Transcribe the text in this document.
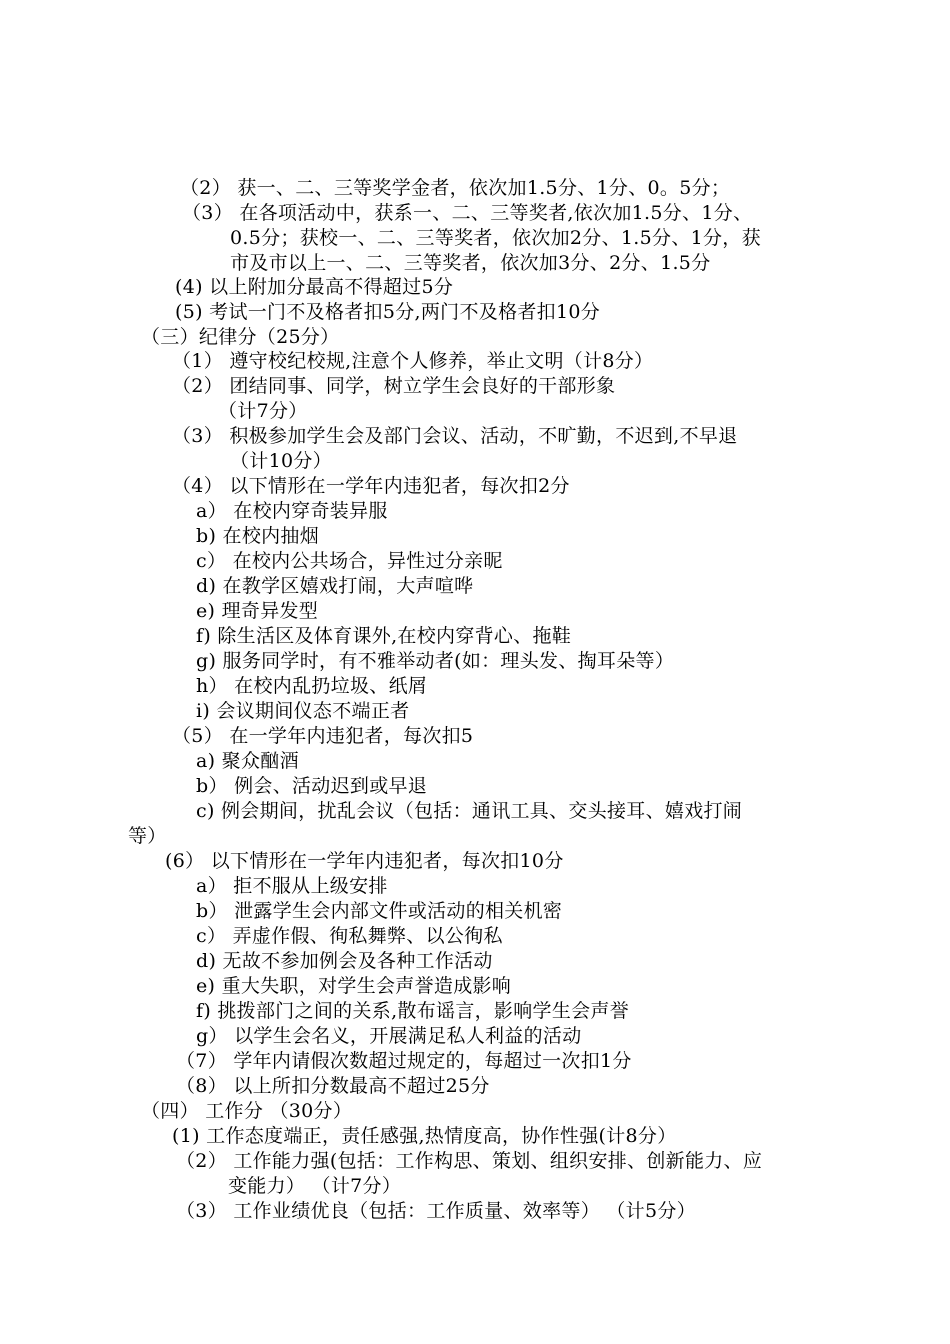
（2） 获一、二、三等奖学金者，依次加1.5分、1分、0。5分；
（3） 在各项活动中，获系一、二、三等奖者,依次加1.5分、1分、
0.5分；获校一、二、三等奖者，依次加2分、1.5分、1分，获
市及市以上一、二、三等奖者，依次加3分、2分、1.5分
(4) 以上附加分最高不得超过5分
(5) 考试一门不及格者扣5分,两门不及格者扣10分
（三）纪律分（25分）
（1） 遵守校纪校规,注意个人修养，举止文明（计8分）
（2） 团结同事、同学，树立学生会良好的干部形象
（计7分）
（3） 积极参加学生会及部门会议、活动，不旷勤，不迟到,不早退
（计10分）
（4） 以下情形在一学年内违犯者，每次扣2分
a） 在校内穿奇装异服
b) 在校内抽烟
c） 在校内公共场合，异性过分亲昵
d) 在教学区嬉戏打闹，大声喧哗
e) 理奇异发型
f) 除生活区及体育课外,在校内穿背心、拖鞋
g) 服务同学时，有不雅举动者(如：理头发、掏耳朵等）
h） 在校内乱扔垃圾、纸屑
i) 会议期间仪态不端正者
（5） 在一学年内违犯者，每次扣5
a) 聚众酗酒
b） 例会、活动迟到或早退
c) 例会期间，扰乱会议（包括：通讯工具、交头接耳、嬉戏打闹
等）
(6） 以下情形在一学年内违犯者，每次扣10分
a） 拒不服从上级安排
b） 泄露学生会内部文件或活动的相关机密
c） 弄虚作假、徇私舞弊、以公徇私
d) 无故不参加例会及各种工作活动
e) 重大失职，对学生会声誉造成影响
f) 挑拨部门之间的关系,散布谣言，影响学生会声誉
g） 以学生会名义，开展满足私人利益的活动
（7） 学年内请假次数超过规定的，每超过一次扣1分
（8） 以上所扣分数最高不超过25分
（四） 工作分 （30分）
(1) 工作态度端正，责任感强,热情度高，协作性强(计8分）
（2） 工作能力强(包括：工作构思、策划、组织安排、创新能力、应
变能力） （计7分）
（3） 工作业绩优良（包括：工作质量、效率等） （计5分）
